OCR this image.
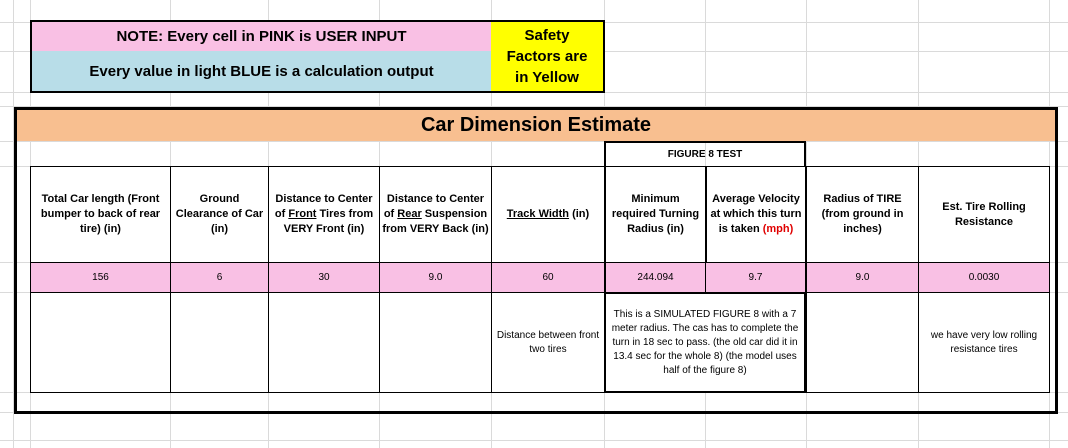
NOTE: Every cell in PINK is USER INPUT
Every value in light BLUE is a calculation output
Safety Factors are in Yellow
Car Dimension Estimate
FIGURE 8 TEST
Total Car length (Front bumper to back of rear tire) (in)
156
Ground Clearance of Car (in)
6
Distance to Center of Front Tires from VERY Front (in)
30
Distance to Center of Rear Suspension from VERY Back (in)
9.0
Track Width (in)
60
Distance between front two tires
Minimum required Turning Radius (in)
244.094
Average Velocity at which this turn is taken (mph)
9.7
Radius of TIRE (from ground in inches)
9.0
Est. Tire Rolling Resistance
0.0030
we have very low rolling resistance tires
This is a SIMULATED FIGURE 8 with a 7 meter radius. The cas has to complete the turn in 18 sec to pass. (the old car did it in 13.4 sec for the whole 8) (the model uses half of the figure 8)
